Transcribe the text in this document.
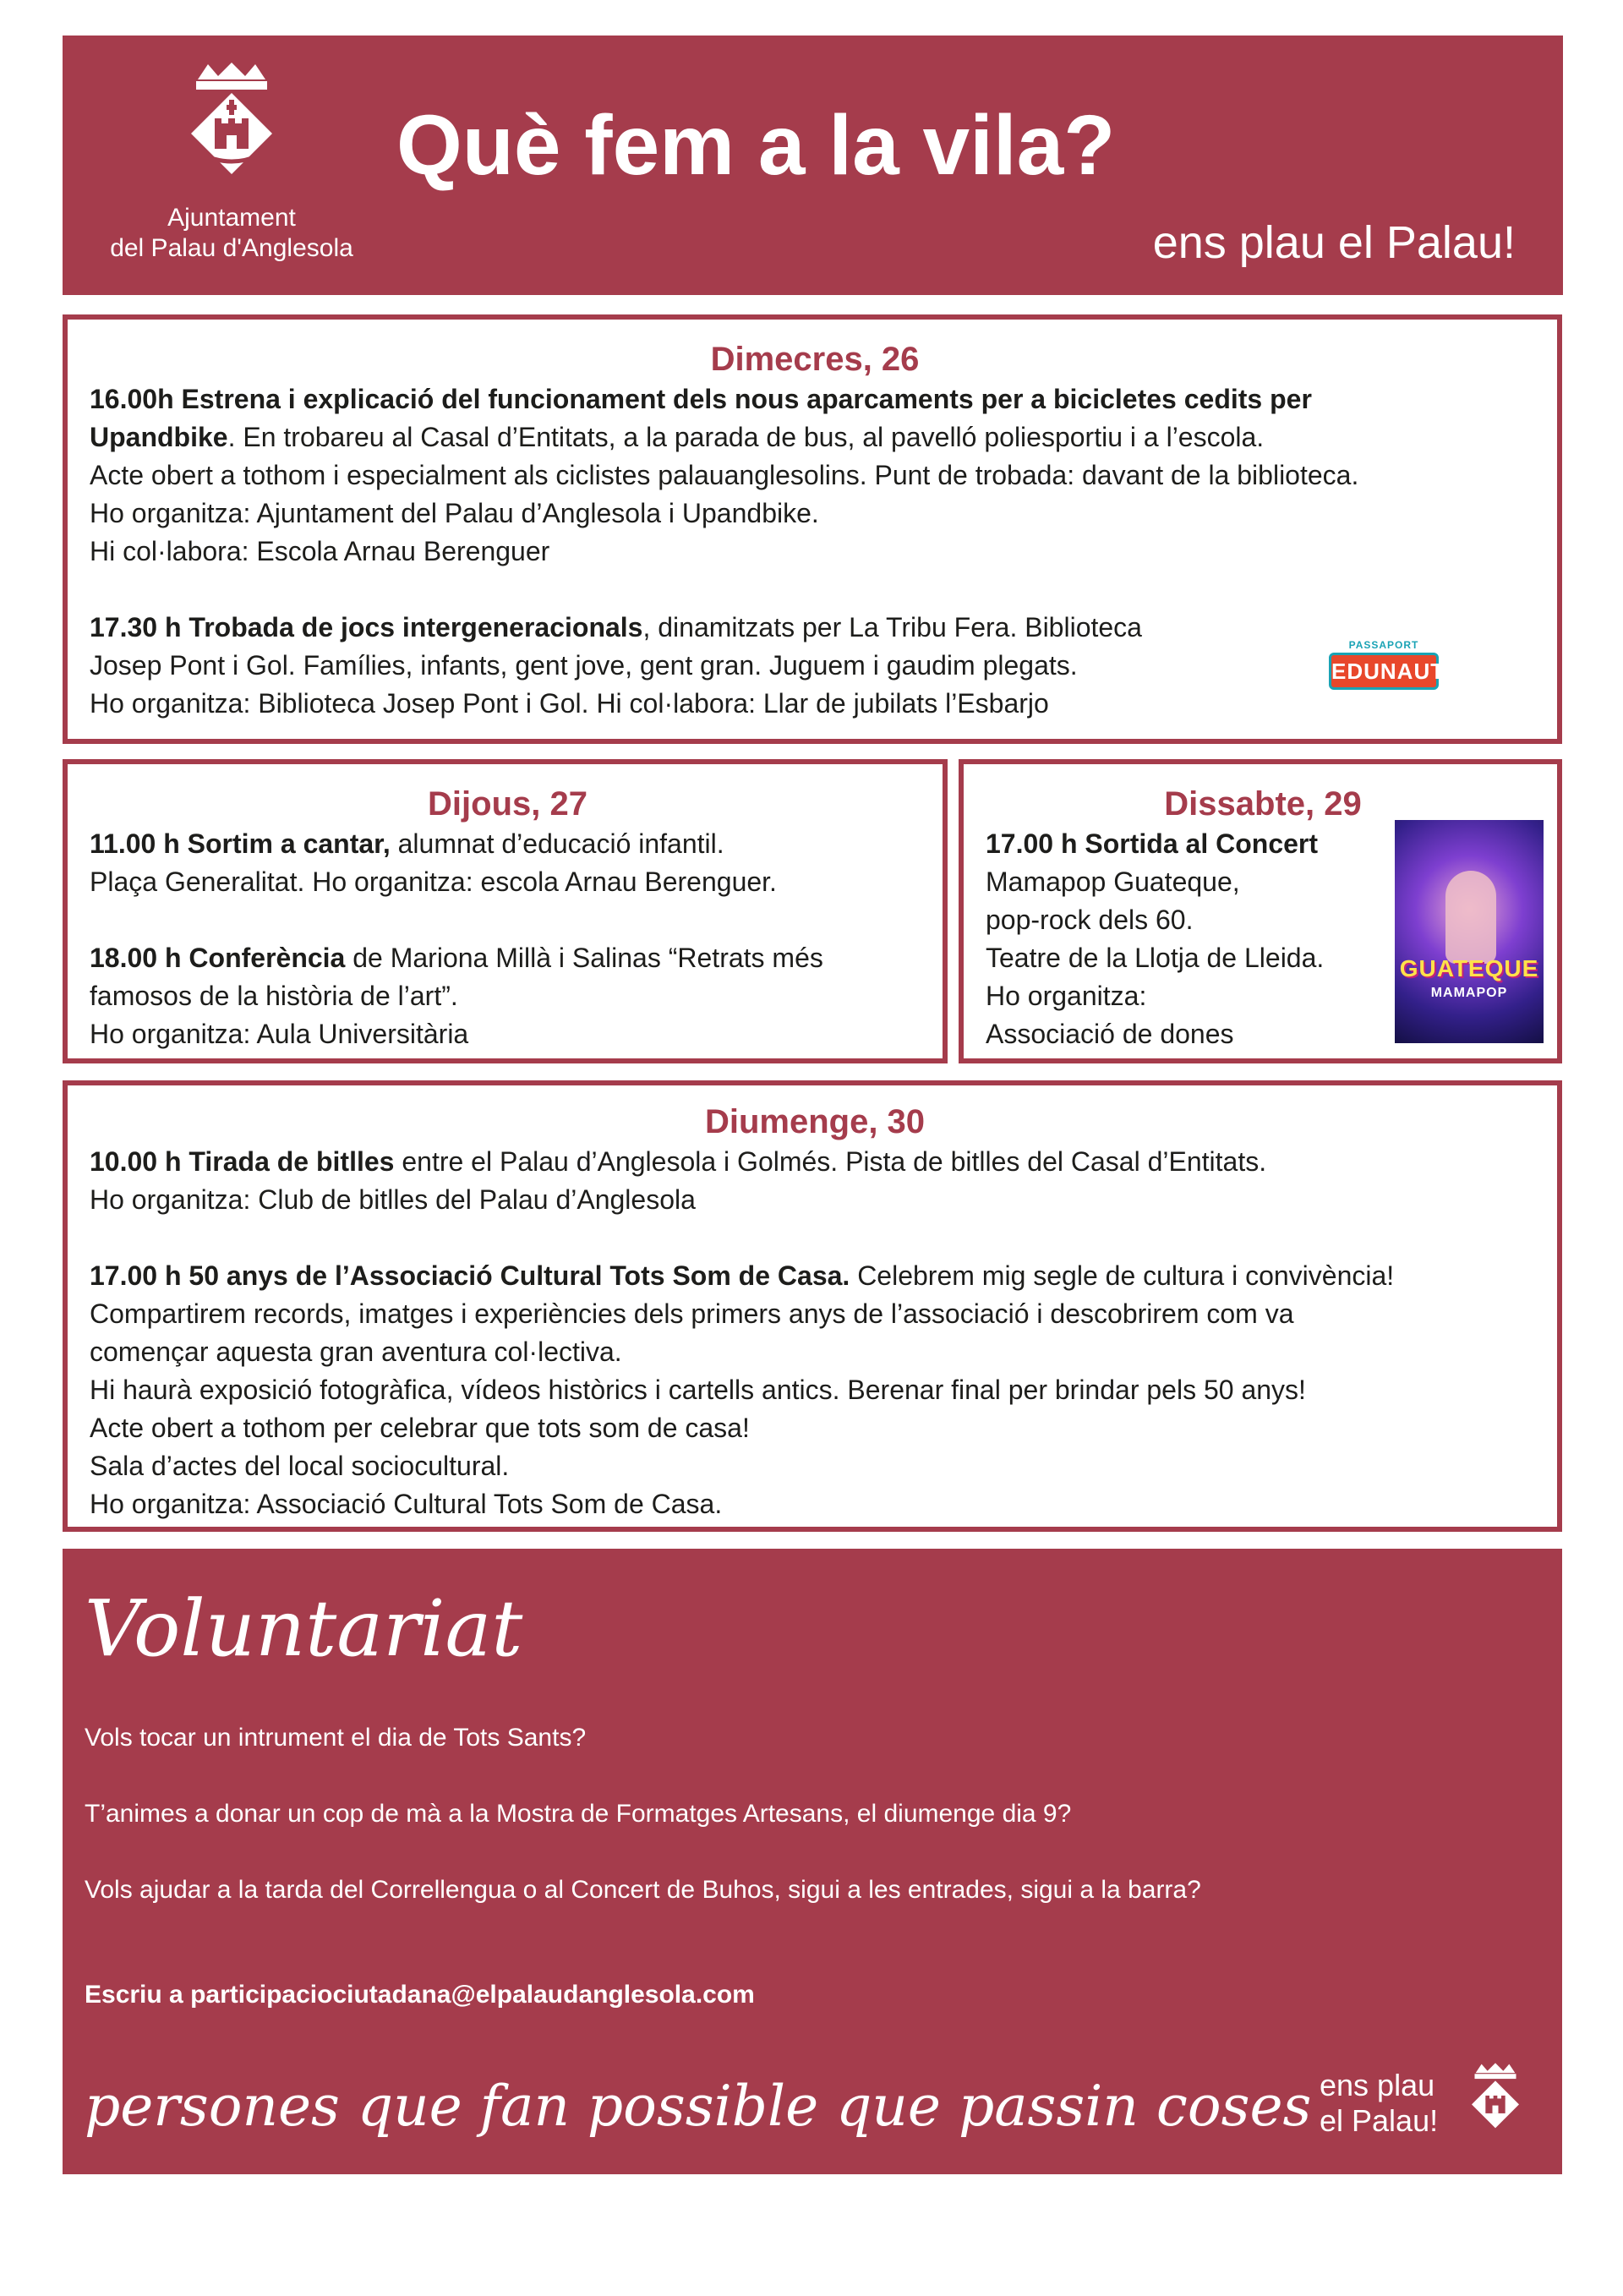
Ajuntament
del Palau d'Anglesola
Què fem a la vila?
ens plau el Palau!
Dimecres, 26
16.00h Estrena i explicació del funcionament dels nous aparcaments per a bicicletes cedits per
Upandbike. En trobareu al Casal d’Entitats, a la parada de bus, al pavelló poliesportiu i a l’escola.
Acte obert a tothom i especialment als ciclistes palauanglesolins. Punt de trobada: davant de la biblioteca.
Ho organitza: Ajuntament del Palau d’Anglesola i Upandbike.
Hi col·labora: Escola Arnau Berenguer
17.30 h Trobada de jocs intergeneracionals, dinamitzats per La Tribu Fera. Biblioteca
Josep Pont i Gol. Famílies, infants, gent jove, gent gran. Juguem i gaudim plegats.
Ho organitza: Biblioteca Josep Pont i Gol. Hi col·labora: Llar de jubilats l’Esbarjo
PASSAPORT
EDUNAUTA
Dijous, 27
11.00 h Sortim a cantar, alumnat d’educació infantil.
Plaça Generalitat. Ho organitza: escola Arnau Berenguer.
18.00 h Conferència de Mariona Millà i Salinas “Retrats més
famosos de la història de l’art”.
Ho organitza: Aula Universitària
Dissabte, 29
17.00 h Sortida al Concert
Mamapop Guateque,
pop-rock dels 60.
Teatre de la Llotja de Lleida.
Ho organitza:
Associació de dones
GUATEQUE
MAMAPOP
Diumenge, 30
10.00 h Tirada de bitlles entre el Palau d’Anglesola i Golmés. Pista de bitlles del Casal d’Entitats.
Ho organitza: Club de bitlles del Palau d’Anglesola
17.00 h 50 anys de l’Associació Cultural Tots Som de Casa. Celebrem mig segle de cultura i convivència!
Compartirem records, imatges i experiències dels primers anys de l’associació i descobrirem com va
començar aquesta gran aventura col·lectiva.
Hi haurà exposició fotogràfica, vídeos històrics i cartells antics. Berenar final per brindar pels 50 anys!
Acte obert a tothom per celebrar que tots som de casa!
Sala d’actes del local sociocultural.
Ho organitza: Associació Cultural Tots Som de Casa.
Voluntariat
Vols tocar un intrument el dia de Tots Sants?
T’animes a donar un cop de mà a la Mostra de Formatges Artesans, el diumenge dia 9?
Vols ajudar a la tarda del Correllengua o al Concert de Buhos, sigui a les entrades, sigui a la barra?
Escriu a participaciociutadana@elpalaudanglesola.com
persones que fan possible que passin coses ens plau
el Palau!
